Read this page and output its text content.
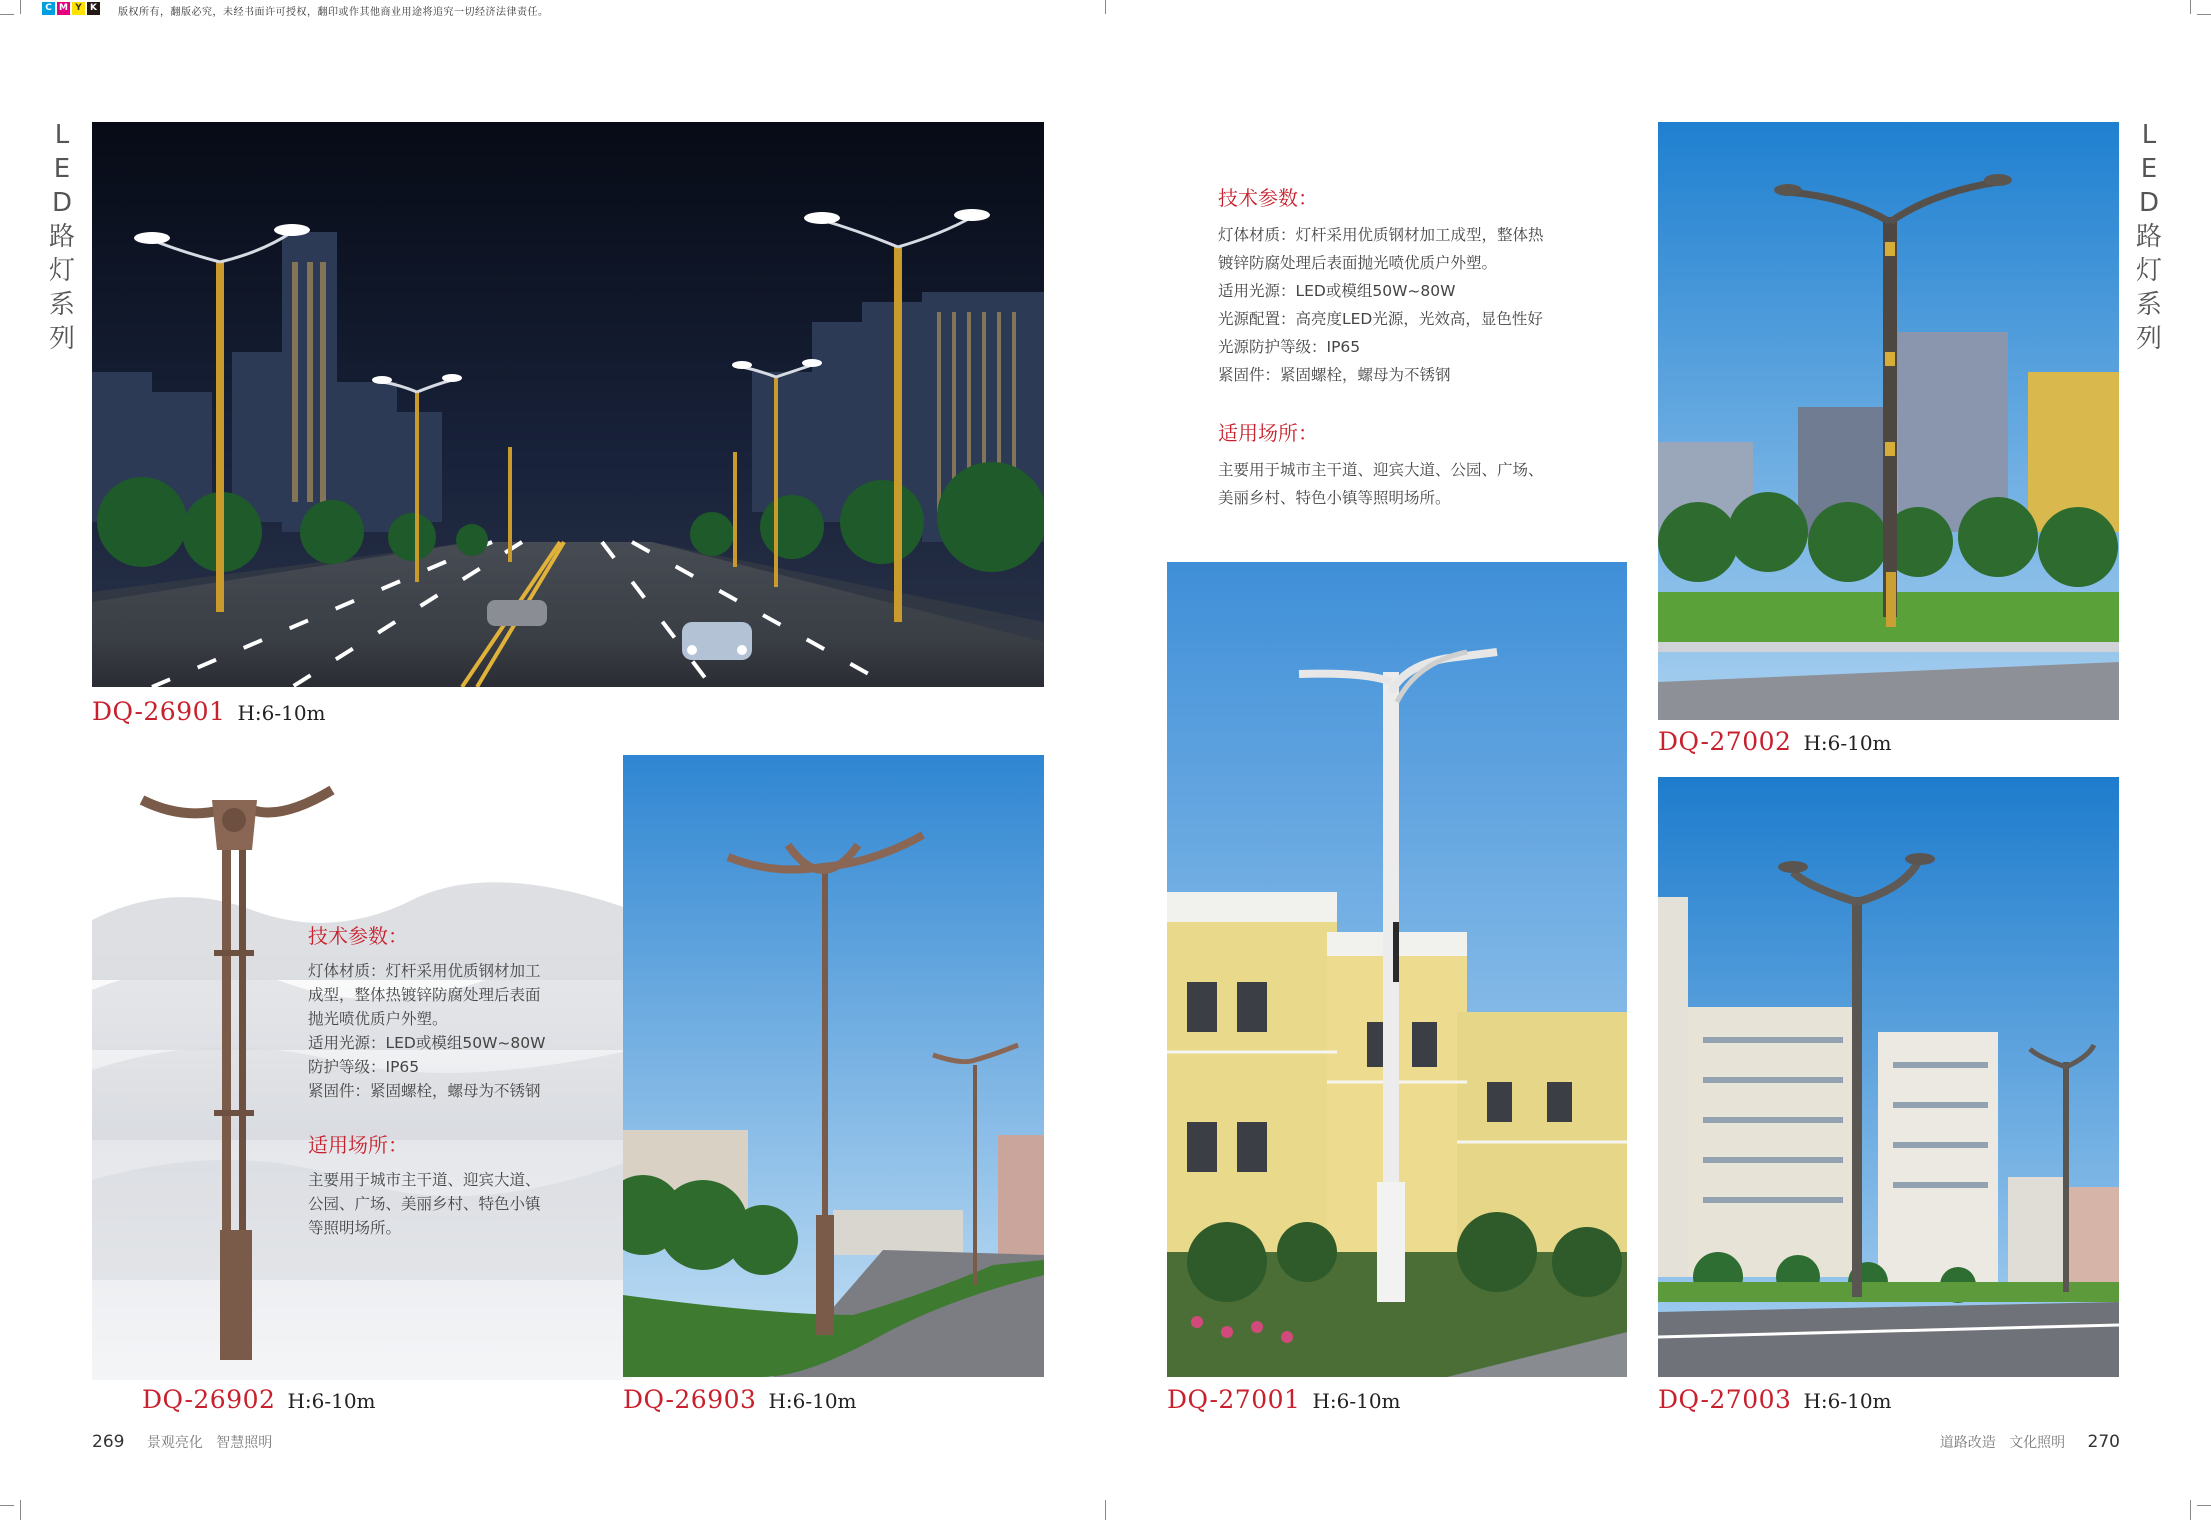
C M Y K	版权所有，翻版必究，未经书面许可授权，翻印或作其他商业用途将追究一切经济法律责任。
LED路灯系列
LED路灯系列
DQ-26901 H:6-10m

技术参数：

灯体材质：灯杆采用优质钢材加工

成型，整体热镀锌防腐处理后表面

抛光喷优质户外塑。

适用光源：LED或模组50W~80W

防护等级：IP65

紧固件：紧固螺栓，螺母为不锈钢

适用场所：

主要用于城市主干道、迎宾大道、

公园、广场、美丽乡村、特色小镇

等照明场所。

DQ-26902 H:6-10m	DQ-26903 H:6-10m
269 景观亮化   智慧照明

技术参数：

灯体材质：灯杆采用优质钢材加工成型，整体热

镀锌防腐处理后表面抛光喷优质户外塑。

适用光源：LED或模组50W~80W

光源配置：高亮度LED光源，光效高，显色性好

光源防护等级：IP65

紧固件：紧固螺栓，螺母为不锈钢

适用场所：

主要用于城市主干道、迎宾大道、公园、广场、

美丽乡村、特色小镇等照明场所。

DQ-27001 H:6-10m
DQ-27002 H:6-10m
DQ-27003 H:6-10m
道路改造   文化照明 270
